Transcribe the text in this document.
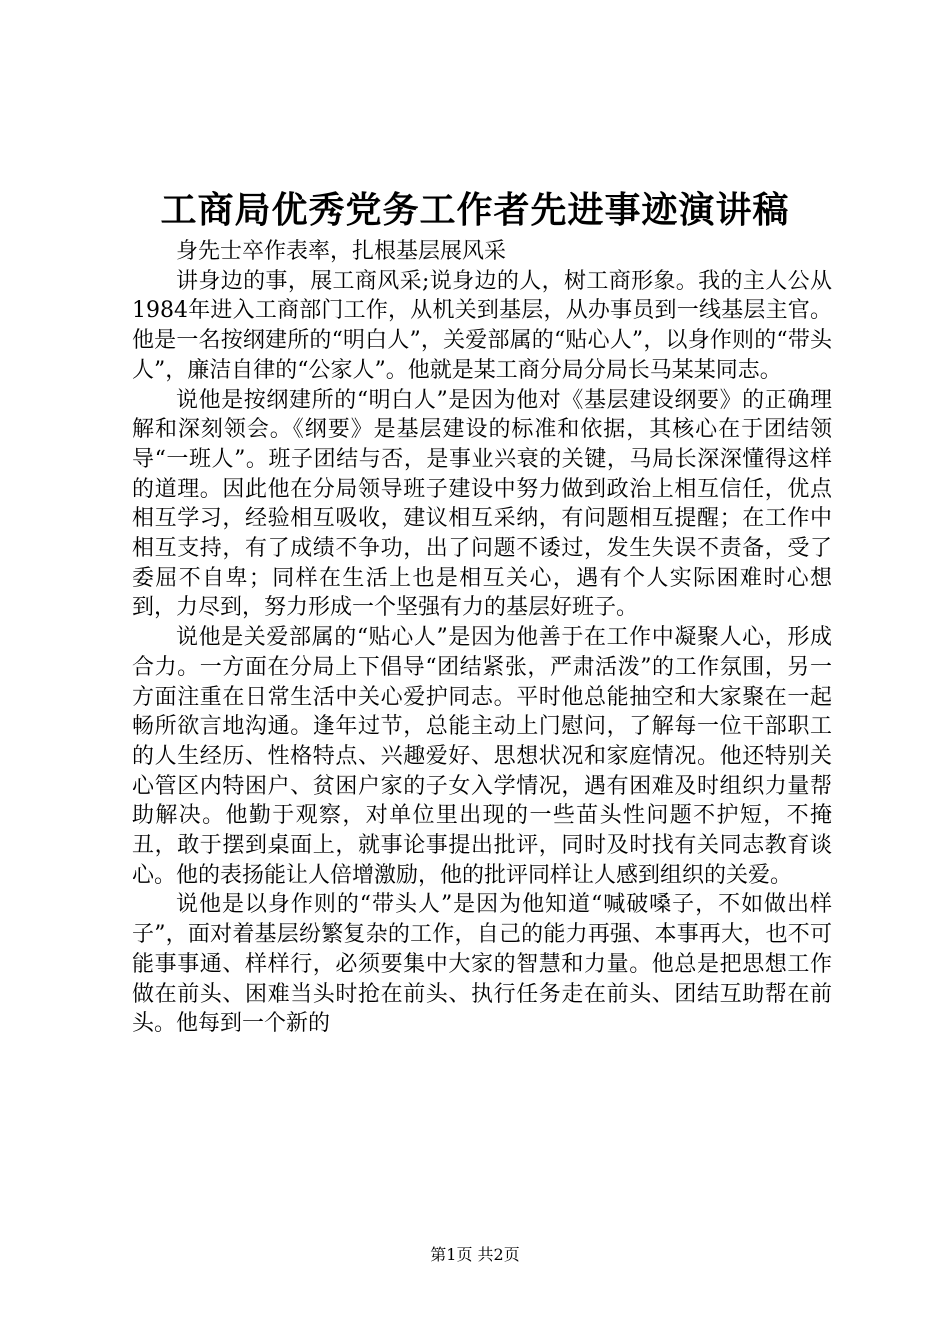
工商局优秀党务工作者先进事迹演讲稿

身先士卒作表率，扎根基层展风采

讲身边的事，展工商风采;说身边的人，树工商形象。我的主人公从1984年进入工商部门工作，从机关到基层，从办事员到一线基层主官。他是一名按纲建所的“明白人”，关爱部属的“贴心人”，以身作则的“带头人”，廉洁自律的“公家人”。他就是某工商分局分局长马某某同志。

说他是按纲建所的“明白人”是因为他对《基层建设纲要》的正确理解和深刻领会。《纲要》是基层建设的标准和依据，其核心在于团结领导“一班人”。班子团结与否，是事业兴衰的关键，马局长深深懂得这样的道理。因此他在分局领导班子建设中努力做到政治上相互信任，优点相互学习，经验相互吸收，建议相互采纳，有问题相互提醒；在工作中相互支持，有了成绩不争功，出了问题不诿过，发生失误不责备，受了委屈不自卑；同样在生活上也是相互关心，遇有个人实际困难时心想到，力尽到，努力形成一个坚强有力的基层好班子。

说他是关爱部属的“贴心人”是因为他善于在工作中凝聚人心，形成合力。一方面在分局上下倡导“团结紧张，严肃活泼”的工作氛围，另一方面注重在日常生活中关心爱护同志。平时他总能抽空和大家聚在一起畅所欲言地沟通。逢年过节，总能主动上门慰问，了解每一位干部职工的人生经历、性格特点、兴趣爱好、思想状况和家庭情况。他还特别关心管区内特困户、贫困户家的子女入学情况，遇有困难及时组织力量帮助解决。他勤于观察，对单位里出现的一些苗头性问题不护短，不掩丑，敢于摆到桌面上，就事论事提出批评，同时及时找有关同志教育谈心。他的表扬能让人倍增激励，他的批评同样让人感到组织的关爱。

说他是以身作则的“带头人”是因为他知道“喊破嗓子，不如做出样子”，面对着基层纷繁复杂的工作，自己的能力再强、本事再大，也不可能事事通、样样行，必须要集中大家的智慧和力量。他总是把思想工作做在前头、困难当头时抢在前头、执行任务走在前头、团结互助帮在前头。他每到一个新的

第1页 共2页
